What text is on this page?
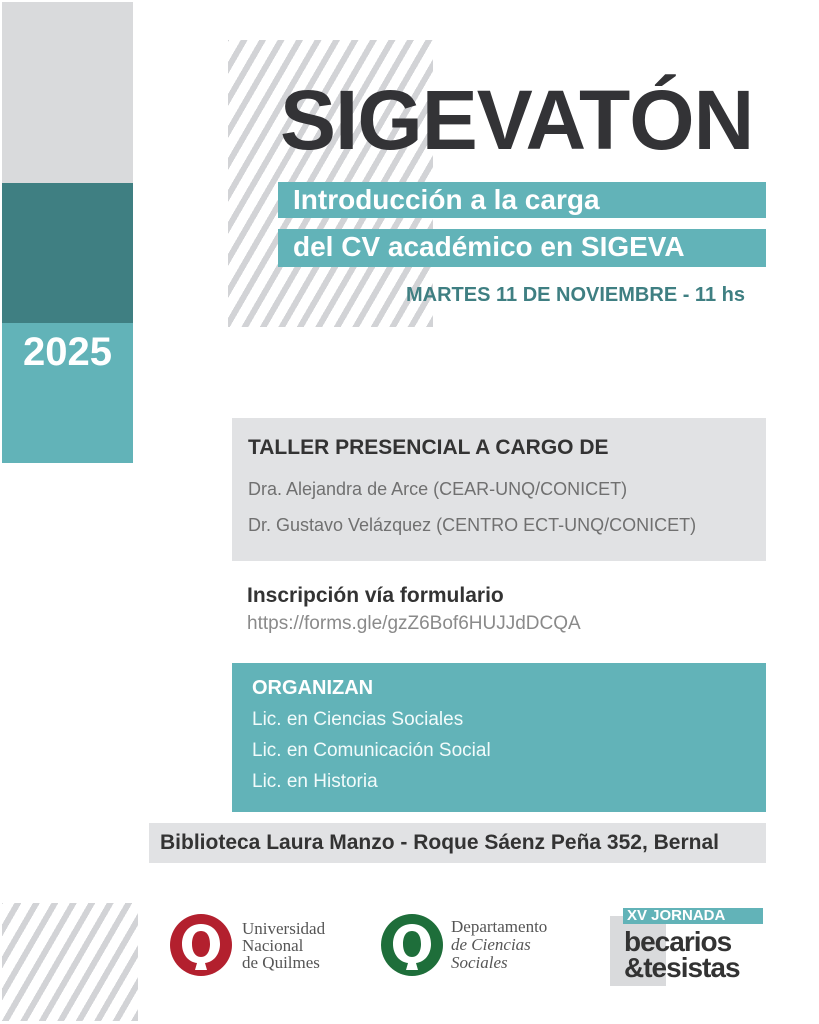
2025
SIGEVATÓN
Introducción a la carga
del CV académico en SIGEVA
MARTES 11 DE NOVIEMBRE - 11 hs
TALLER PRESENCIAL A CARGO DE
Dra. Alejandra de Arce (CEAR-UNQ/CONICET)
Dr. Gustavo Velázquez (CENTRO ECT-UNQ/CONICET)
Inscripción vía formulario
https://forms.gle/gzZ6Bof6HUJJdDCQA
ORGANIZAN
Lic. en Ciencias Sociales
Lic. en Comunicación Social
Lic. en Historia
Biblioteca Laura Manzo - Roque Sáenz Peña 352, Bernal
Universidad
Nacional
de Quilmes
Departamento
de Ciencias
Sociales
XV JORNADA
becarios
&tesistas
